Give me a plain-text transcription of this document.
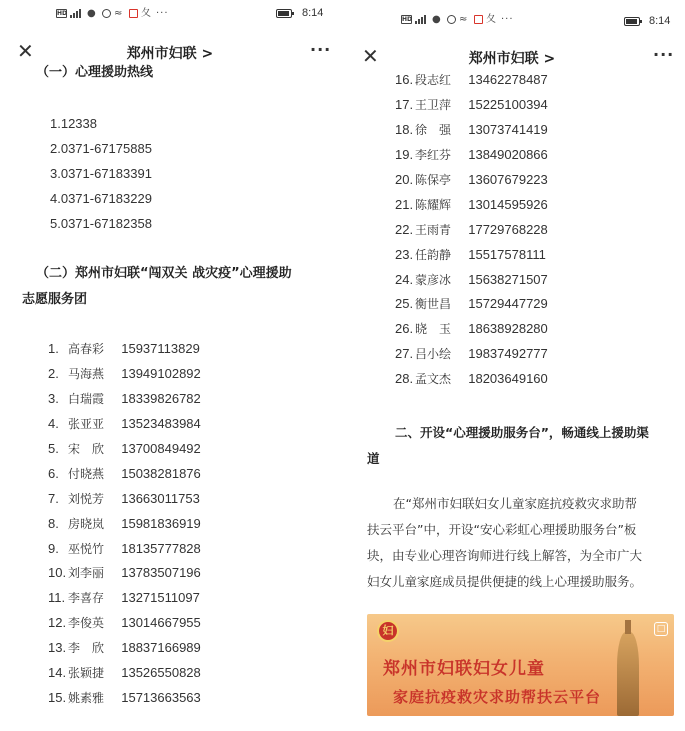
HD ●	≈	夂 ···	8:14
✕	郑州市妇联 >	···
（一）心理援助热线
1.12338
2.0371-67175885
3.0371-67183391
4.0371-67183229
5.0371-67182358
（二）郑州市妇联“闯双关 战灾疫”心理援助
志愿服务团
1. 高春彩 15937113829
2. 马海燕 13949102892
3. 白瑞霞 18339826782
4. 张亚亚 13523483984
5. 宋　欣 13700849492
6. 付晓燕 15038281876
7. 刘悦芳 13663011753
8. 房晓岚 15981836919
9. 巫悦竹 18135777828
10. 刘李丽 13783507196
11. 李喜存 13271511097
12. 李俊英 13014667955
13. 李　欣 18837166989
14. 张颖捷 13526550828
15. 姚素雅 15713663563
HD ●	≈	夂 ···	8:14
✕	郑州市妇联 >	···
16. 段志红 13462278487
17. 王卫萍 15225100394
18. 徐　强 13073741419
19. 李红芬 13849020866
20. 陈保亭 13607679223
21. 陈耀辉 13014595926
22. 王雨青 17729768228
23. 任韵静 15517578111
24. 蒙彦冰 15638271507
25. 衡世昌 15729447729
26. 晓　玉 18638928280
27. 吕小绘 19837492777
28. 孟文杰 18203649160
二、开设“心理援助服务台”，畅通线上援助渠
道
在“郑州市妇联妇女儿童家庭抗疫救灾求助帮
扶云平台”中，开设“安心彩虹心理援助服务台”板
块，由专业心理咨询师进行线上解答，为全市广大
妇女儿童家庭成员提供便捷的线上心理援助服务。
妇	□
郑州市妇联妇女儿童
家庭抗疫救灾求助帮扶云平台
